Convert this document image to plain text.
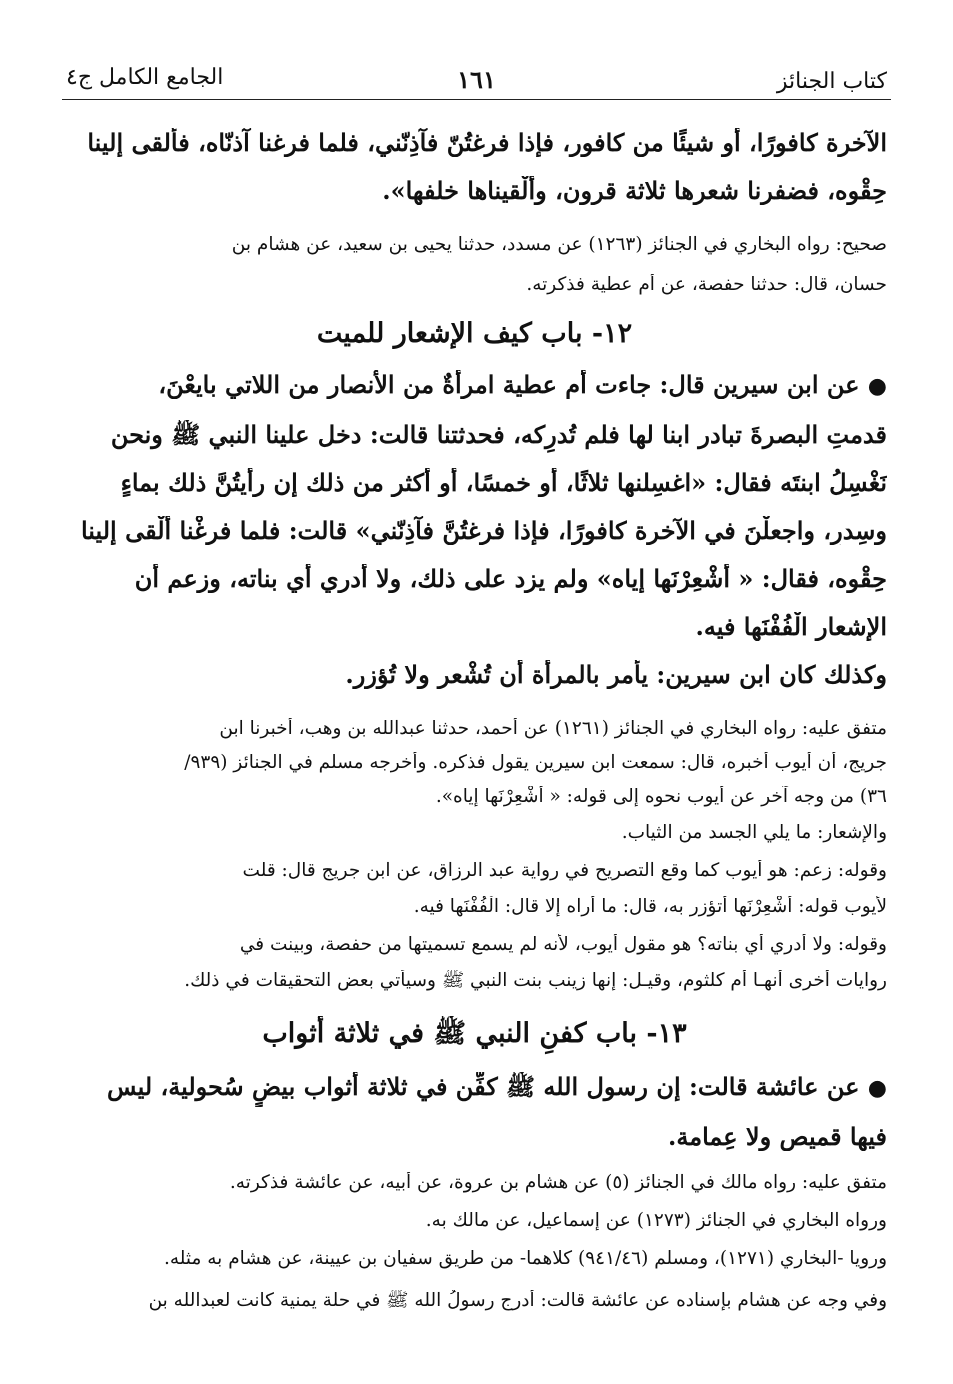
كتاب الجنائز
١٦١
الجامع الكامل ج٤
الآخرة كافورًا، أو شيئًا من كافور، فإذا فرغتُنّ فآذِنّني، فلما فرغنا آذنّاه، فألقى إلينا
حِقْوه، فضفرنا شعرها ثلاثة قرون، وألْقيناها خلفها».
صحيح: رواه البخاري في الجنائز (١٢٦٣) عن مسدد، حدثنا يحيى بن سعيد، عن هشام بن
حسان، قال: حدثنا حفصة، عن أم عطية فذكرته.
١٢- باب كيف الإشعار للميت
● عن ابن سيرين قال: جاءت أم عطية امرأةٌ من الأنصار من اللاتي بايعْنَ،
قدمتِ البصرةَ تبادر ابنا لها فلم تُدرِكه، فحدثتنا قالت: دخل علينا النبي ﷺ ونحن
نَغْسِلُ ابنتَه فقال: «اغسِلنها ثلاثًا، أو خمسًا، أو أكثر من ذلك إن رأيتُنَّ ذلك بماءٍ
وسِدرٍ، واجعلْنَ في الآخرة كافورًا، فإذا فرغتُنَّ فآذِنّني» قالت: فلما فرغْنا ألْقى إلينا
حِقْوه، فقال: « أَشْعِرْنَها إياه» ولم يزد على ذلك، ولا أدري أي بناته، وزعم أن
الإشعار الْفُفْنَها فيه.
وكذلك كان ابن سيرين: يأمر بالمرأة أن تُشْعر ولا تُؤزر.
متفق عليه: رواه البخاري في الجنائز (١٢٦١) عن أحمد، حدثنا عبدالله بن وهب، أخبرنا ابن
جريج، أن أيوب أخبره، قال: سمعت ابن سيرين يقول فذكره. وأخرجه مسلم في الجنائز (٩٣٩/
٣٦) من وجه آخر عن أيوب نحوه إلى قوله: « أَشْعِرْنَها إياه».
والإشعار: ما يلي الجسد من الثياب.
وقوله: زعم: هو أيوب كما وقع التصريح في رواية عبد الرزاق، عن ابن جريج قال: قلت
لأيوب قوله: أَشْعِرْنَها أتؤزر به، قال: ما أراه إلا قال: الْفُفْنَها فيه.
وقوله: ولا أدري أي بناته؟ هو مقول أيوب، لأنه لم يسمع تسميتها من حفصة، وبينت في
روايات أخرى أنهـا أم كلثوم، وقيـل: إنها زينب بنت النبي ﷺ وسيأتي بعض التحقيقات في ذلك.
١٣- باب كفنِ النبي ﷺ في ثلاثة أثواب
● عن عائشة قالت: إن رسول الله ﷺ كفِّن في ثلاثة أثواب بيضٍ سُحولية، ليس
فيها قميص ولا عِمامة.
متفق عليه: رواه مالك في الجنائز (٥) عن هشام بن عروة، عن أبيه، عن عائشة فذكرته.
ورواه البخاري في الجنائز (١٢٧٣) عن إسماعيل، عن مالك به.
ورويا -البخاري (١٢٧١)، ومسلم (٩٤١/٤٦) كلاهما- من طريق سفيان بن عيينة، عن هشام به مثله.
وفي وجه عن هشام بإسناده عن عائشة قالت: أدرج رسولُ الله ﷺ في حلة يمنية كانت لعبدالله بن
